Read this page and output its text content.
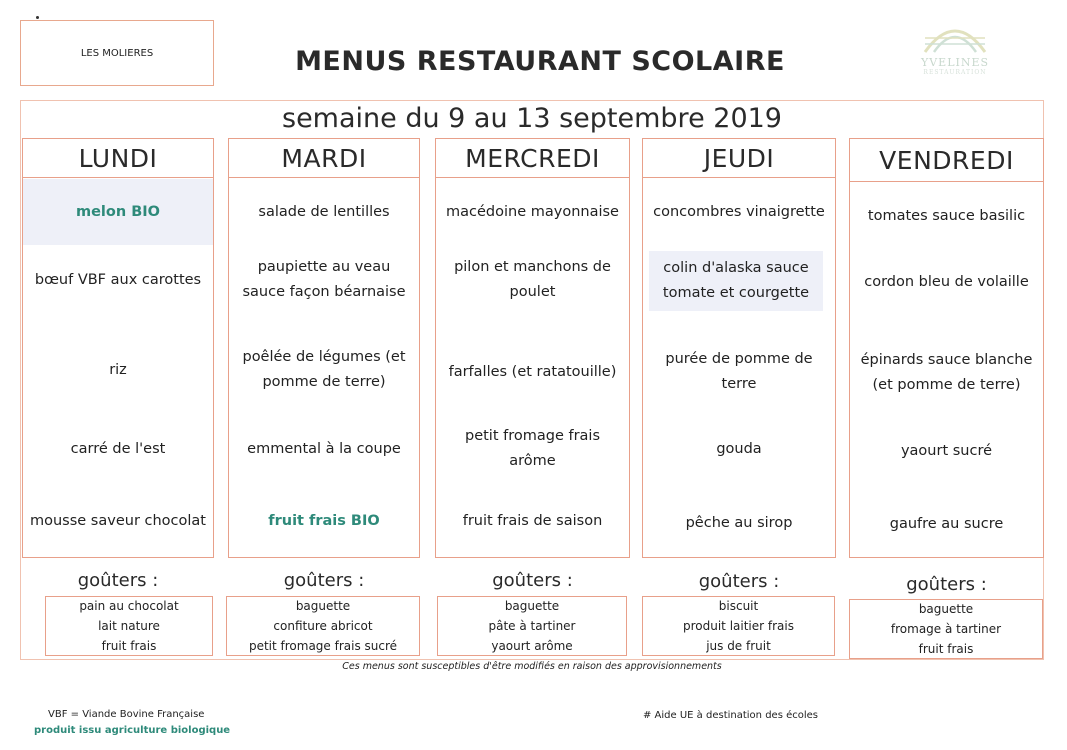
LES MOLIERES	MENUS RESTAURANT SCOLAIRE	YVELINES
RESTAURATION
semaine du 9 au 13 septembre 2019
LUNDI
melon BIO
bœuf VBF aux carottes
riz
carré de l'est
mousse saveur chocolat
MARDI
salade de lentilles
paupiette au veau sauce façon béarnaise
poêlée de légumes (et pomme de terre)
emmental à la coupe
fruit frais BIO
MERCREDI
macédoine mayonnaise
pilon et manchons de poulet
farfalles (et ratatouille)
petit fromage frais arôme
fruit frais de saison
JEUDI
concombres vinaigrette
colin d'alaska sauce tomate et courgette
purée de pomme de terre
gouda
pêche au sirop
VENDREDI
tomates sauce basilic
cordon bleu de volaille
épinards sauce blanche (et pomme de terre)
yaourt sucré
gaufre au sucre
goûters :
pain au chocolat
lait nature
fruit frais
goûters :
baguette
confiture abricot
petit fromage frais sucré
goûters :
baguette
pâte à tartiner
yaourt arôme
goûters :
biscuit
produit laitier frais
jus de fruit
goûters :
baguette
fromage à tartiner
fruit frais
Ces menus sont susceptibles d'être modifiés en raison des approvisionnements
VBF = Viande Bovine Française
produit issu agriculture biologique
# Aide UE à destination des écoles
